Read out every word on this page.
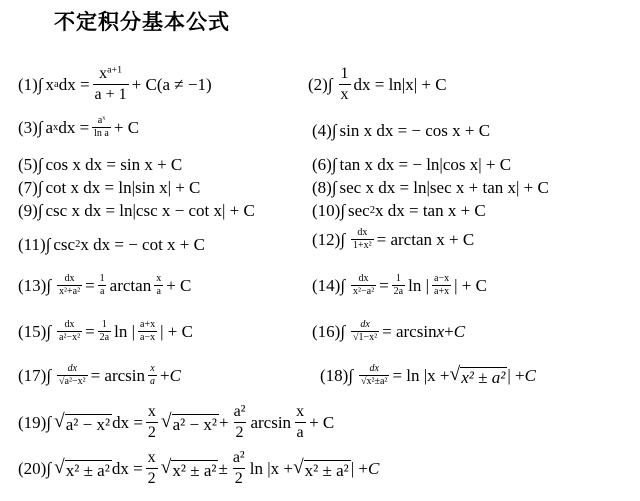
不定积分基本公式
(1) ∫ x a dx = $\frac{x^{a+1}}{a + 1} + C(a \ne -1)$	(2) ∫ $\frac{1}{x}$ dx = ln|x| + C
(3) ∫ a x dx = $\frac{a^x}{\text{ln a}} + C$	(4) ∫ sin x dx = − cos x + C
(5) ∫ cos x dx = sin x + C	(6) ∫ tan x dx = − ln|cos x| + C
(7) ∫ cot x dx = ln|sin x| + C	(8) ∫ sec x dx = ln|sec x + tan x| + C
(9) ∫ csc x dx = ln|csc x − cot x| + C	(10) ∫ sec 2 x dx = tan x + C
(11) ∫ csc 2 x dx = − cot x + C	(12) ∫ $\frac{dx}{\text{1+x²}} = \arctan x + C$
(13) ∫ $\frac{dx}{\text{x²+a²}} = \frac{1}{a}$ $\arctan \frac{x}{a} + C$	(14) ∫ $\frac{dx}{\text{x²−a²}} = \frac{1}{2a}$ ln | $\frac{a-x}{a+x}$ | + C
(15) ∫ $\frac{dx}{\text{a²−x²}} = \frac{1}{2a}$ ln | $\frac{a+x}{a-x}$ | + C	(16) ∫ $\frac{dx}{\text{√1−x²}} = \arcsin x + C$
(17) ∫ $\frac{dx}{\text{√a²−x²}} = \arcsin \frac{x}{a} + C$	(18) ∫ $\frac{dx}{\text{√x²±a²}} = \ln |x$ + √ x² ± a² | + C
(19) ∫ √ a² − x² dx = $\frac{x}{2}$ √ $a^2 - x^2 + \frac{\text{a²}}{2}$ $\arcsin \frac{x}{a} + C$
(20) ∫ √ x² ± a² dx = $\frac{x}{2}$ √ $x^2 \pm a^2 \pm \frac{\text{a²}}{2}$ ln |x + √ x² ± a² | + C
